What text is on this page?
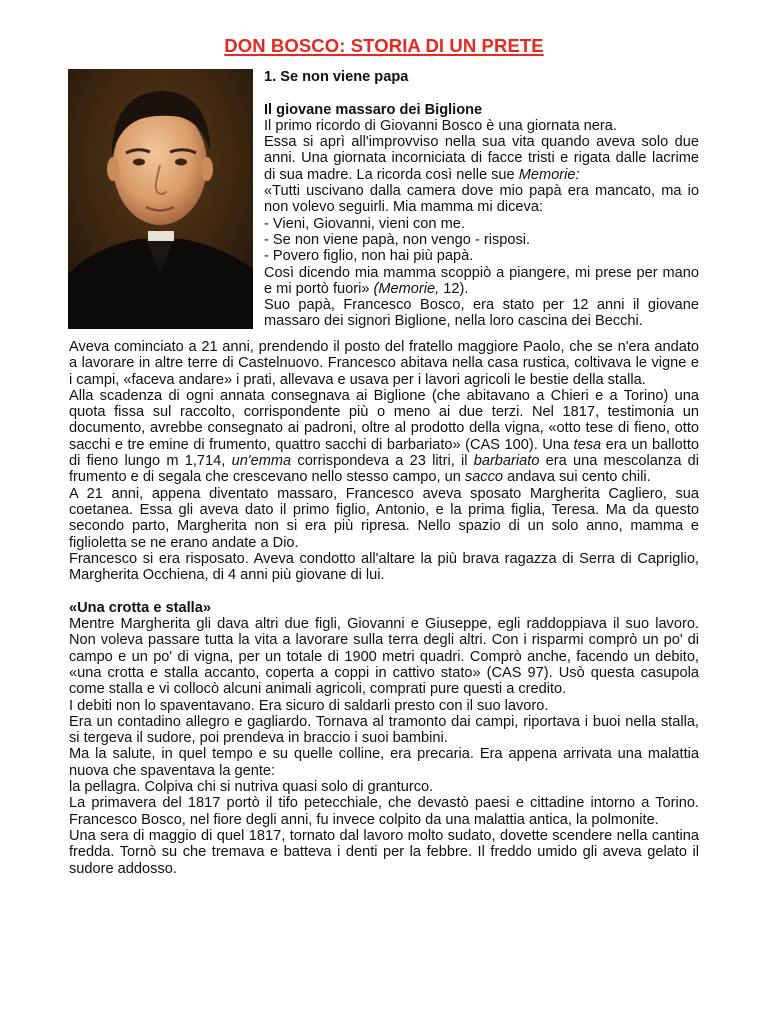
DON BOSCO: STORIA DI UN PRETE

1. Se non viene papa

Il giovane massaro dei Biglione

Il primo ricordo di Giovanni Bosco è una giornata nera.

Essa si aprì all'improvviso nella sua vita quando aveva solo due anni. Una giornata incorniciata di facce tristi e rigata dalle lacrime di sua madre. La ricorda così nelle sue Memorie:

«Tutti uscivano dalla camera dove mio papà era mancato, ma io non volevo seguirli. Mia mamma mi diceva:

- Vieni, Giovanni, vieni con me.

- Se non viene papà, non vengo - risposi.

- Povero figlio, non hai più papà.

Così dicendo mia mamma scoppiò a piangere, mi prese per mano e mi portò fuori» (Memorie, 12).

Suo papà, Francesco Bosco, era stato per 12 anni il giovane massaro dei signori Biglione, nella loro cascina dei Becchi.

Aveva cominciato a 21 anni, prendendo il posto del fratello maggiore Paolo, che se n'era andato a lavorare in altre terre di Castelnuovo. Francesco abitava nella casa rustica, coltivava le vigne e i campi, «faceva andare» i prati, allevava e usava per i lavori agricoli le bestie della stalla.

Alla scadenza di ogni annata consegnava ai Biglione (che abitavano a Chieri e a Torino) una quota fissa sul raccolto, corrispondente più o meno ai due terzi. Nel 1817, testimonia un documento, avrebbe consegnato ai padroni, oltre al prodotto della vigna, «otto tese di fieno, otto sacchi e tre emine di frumento, quattro sacchi di barbariato» (CAS 100). Una tesa era un ballotto di fieno lungo m 1,714, un'emma corrispondeva a 23 litri, il barbariato era una mescolanza di frumento e di segala che crescevano nello stesso campo, un sacco andava sui cento chili.

A 21 anni, appena diventato massaro, Francesco aveva sposato Margherita Cagliero, sua coetanea. Essa gli aveva dato il primo figlio, Antonio, e la prima figlia, Teresa. Ma da questo secondo parto, Margherita non si era più ripresa. Nello spazio di un solo anno, mamma e figlioletta se ne erano andate a Dio.

Francesco si era risposato. Aveva condotto all'altare la più brava ragazza di Serra di Capriglio, Margherita Occhiena, di 4 anni più giovane di lui.

«Una crotta e stalla»

Mentre Margherita gli dava altri due figli, Giovanni e Giuseppe, egli raddoppiava il suo lavoro. Non voleva passare tutta la vita a lavorare sulla terra degli altri. Con i risparmi comprò un po' di campo e un po' di vigna, per un totale di 1900 metri quadri. Comprò anche, facendo un debito, «una crotta e stalla accanto, coperta a coppi in cattivo stato» (CAS 97). Usò questa casupola come stalla e vi collocò alcuni animali agricoli, comprati pure questi a credito.

I debiti non lo spaventavano. Era sicuro di saldarli presto con il suo lavoro.

Era un contadino allegro e gagliardo. Tornava al tramonto dai campi, riportava i buoi nella stalla, si tergeva il sudore, poi prendeva in braccio i suoi bambini.

Ma la salute, in quel tempo e su quelle colline, era precaria. Era appena arrivata una malattia nuova che spaventava la gente:

la pellagra. Colpiva chi si nutriva quasi solo di granturco.

La primavera del 1817 portò il tifo petecchiale, che devastò paesi e cittadine intorno a Torino. Francesco Bosco, nel fiore degli anni, fu invece colpito da una malattia antica, la polmonite.

Una sera di maggio di quel 1817, tornato dal lavoro molto sudato, dovette scendere nella cantina fredda. Tornò su che tremava e batteva i denti per la febbre. Il freddo umido gli aveva gelato il sudore addosso.
